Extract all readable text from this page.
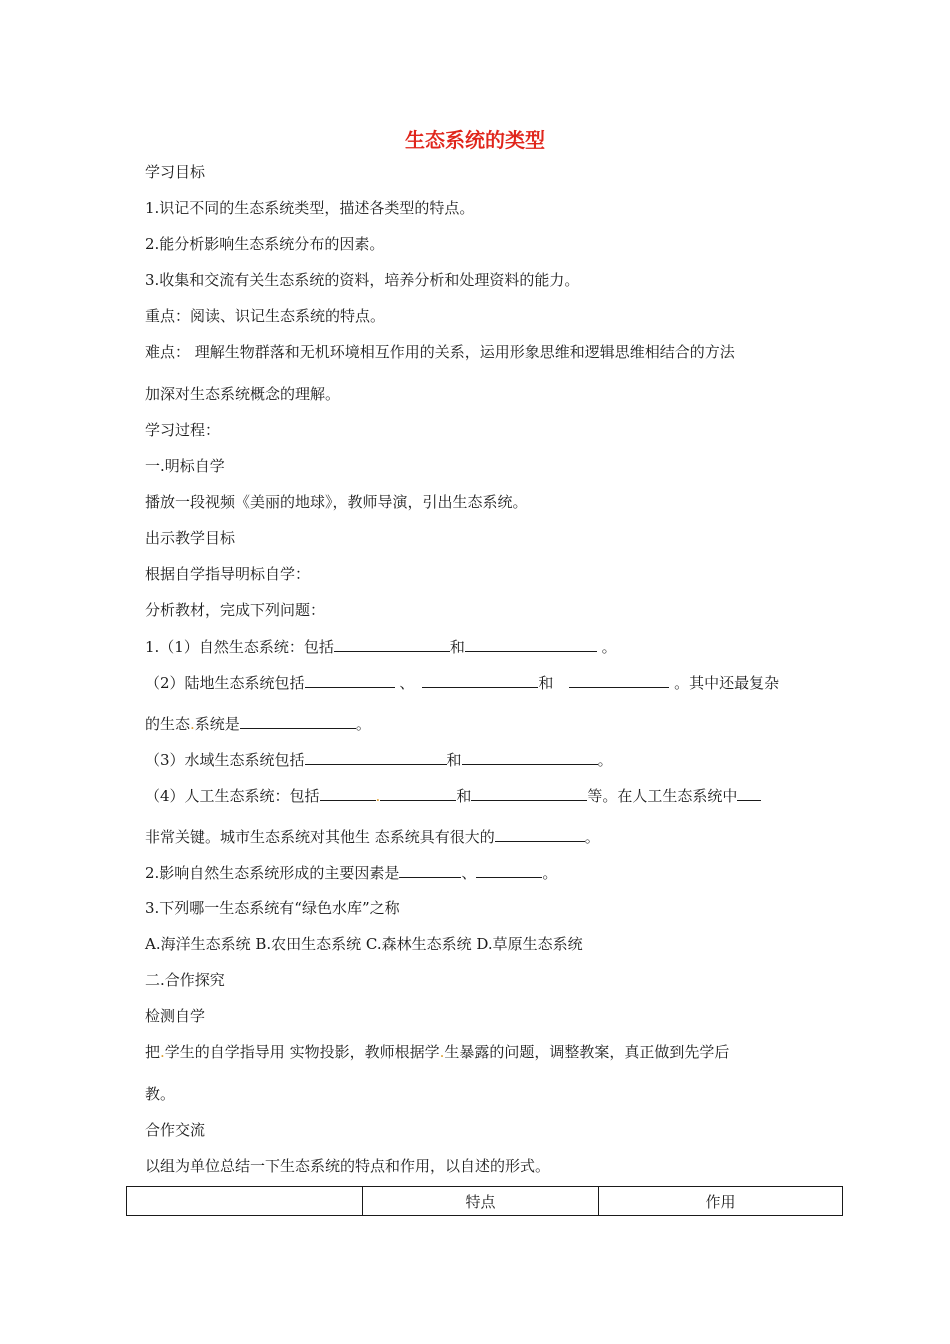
生态系统的类型
学习目标
1.识记不同的生态系统类型，描述各类型的特点。
2.能分析影响生态系统分布的因素。
3.收集和交流有关生态系统的资料，培养分析和处理资料的能力。
重点：阅读、识记生态系统的特点。
难点： 理解生物群落和无机环境相互作用的关系，运用形象思维和逻辑思维相结合的方法
加深对生态系统概念的理解。
学习过程：
一.明标自学
播放一段视频《美丽的地球》，教师导演，引出生态系统。
出示教学目标
根据自学指导明标自学：
分析教材，完成下列问题：
1.（1）自然生态系统：包括	和	。
（2）陆地生态系统包括	、	和	。其中还最复杂
的生态.系统是	。
（3）水域生态系统包括	和	。
（4）人工生态系统：包括	.	和	等。在人工生态系统中
非常关键。城市生态系统对其他生 态系统具有很大的	。
2.影响自然生态系统形成的主要因素是	、	。
3.下列哪一生态系统有“绿色水库”之称
A.海洋生态系统 B.农田生态系统 C.森林生态系统 D.草原生态系统
二.合作探究
检测自学
把.学生的自学指导用 实物投影，教师根据学.生暴露的问题，调整教案，真正做到先学后
教。
合作交流
以组为单位总结一下生态系统的特点和作用，以自述的形式。
	特点	作用
